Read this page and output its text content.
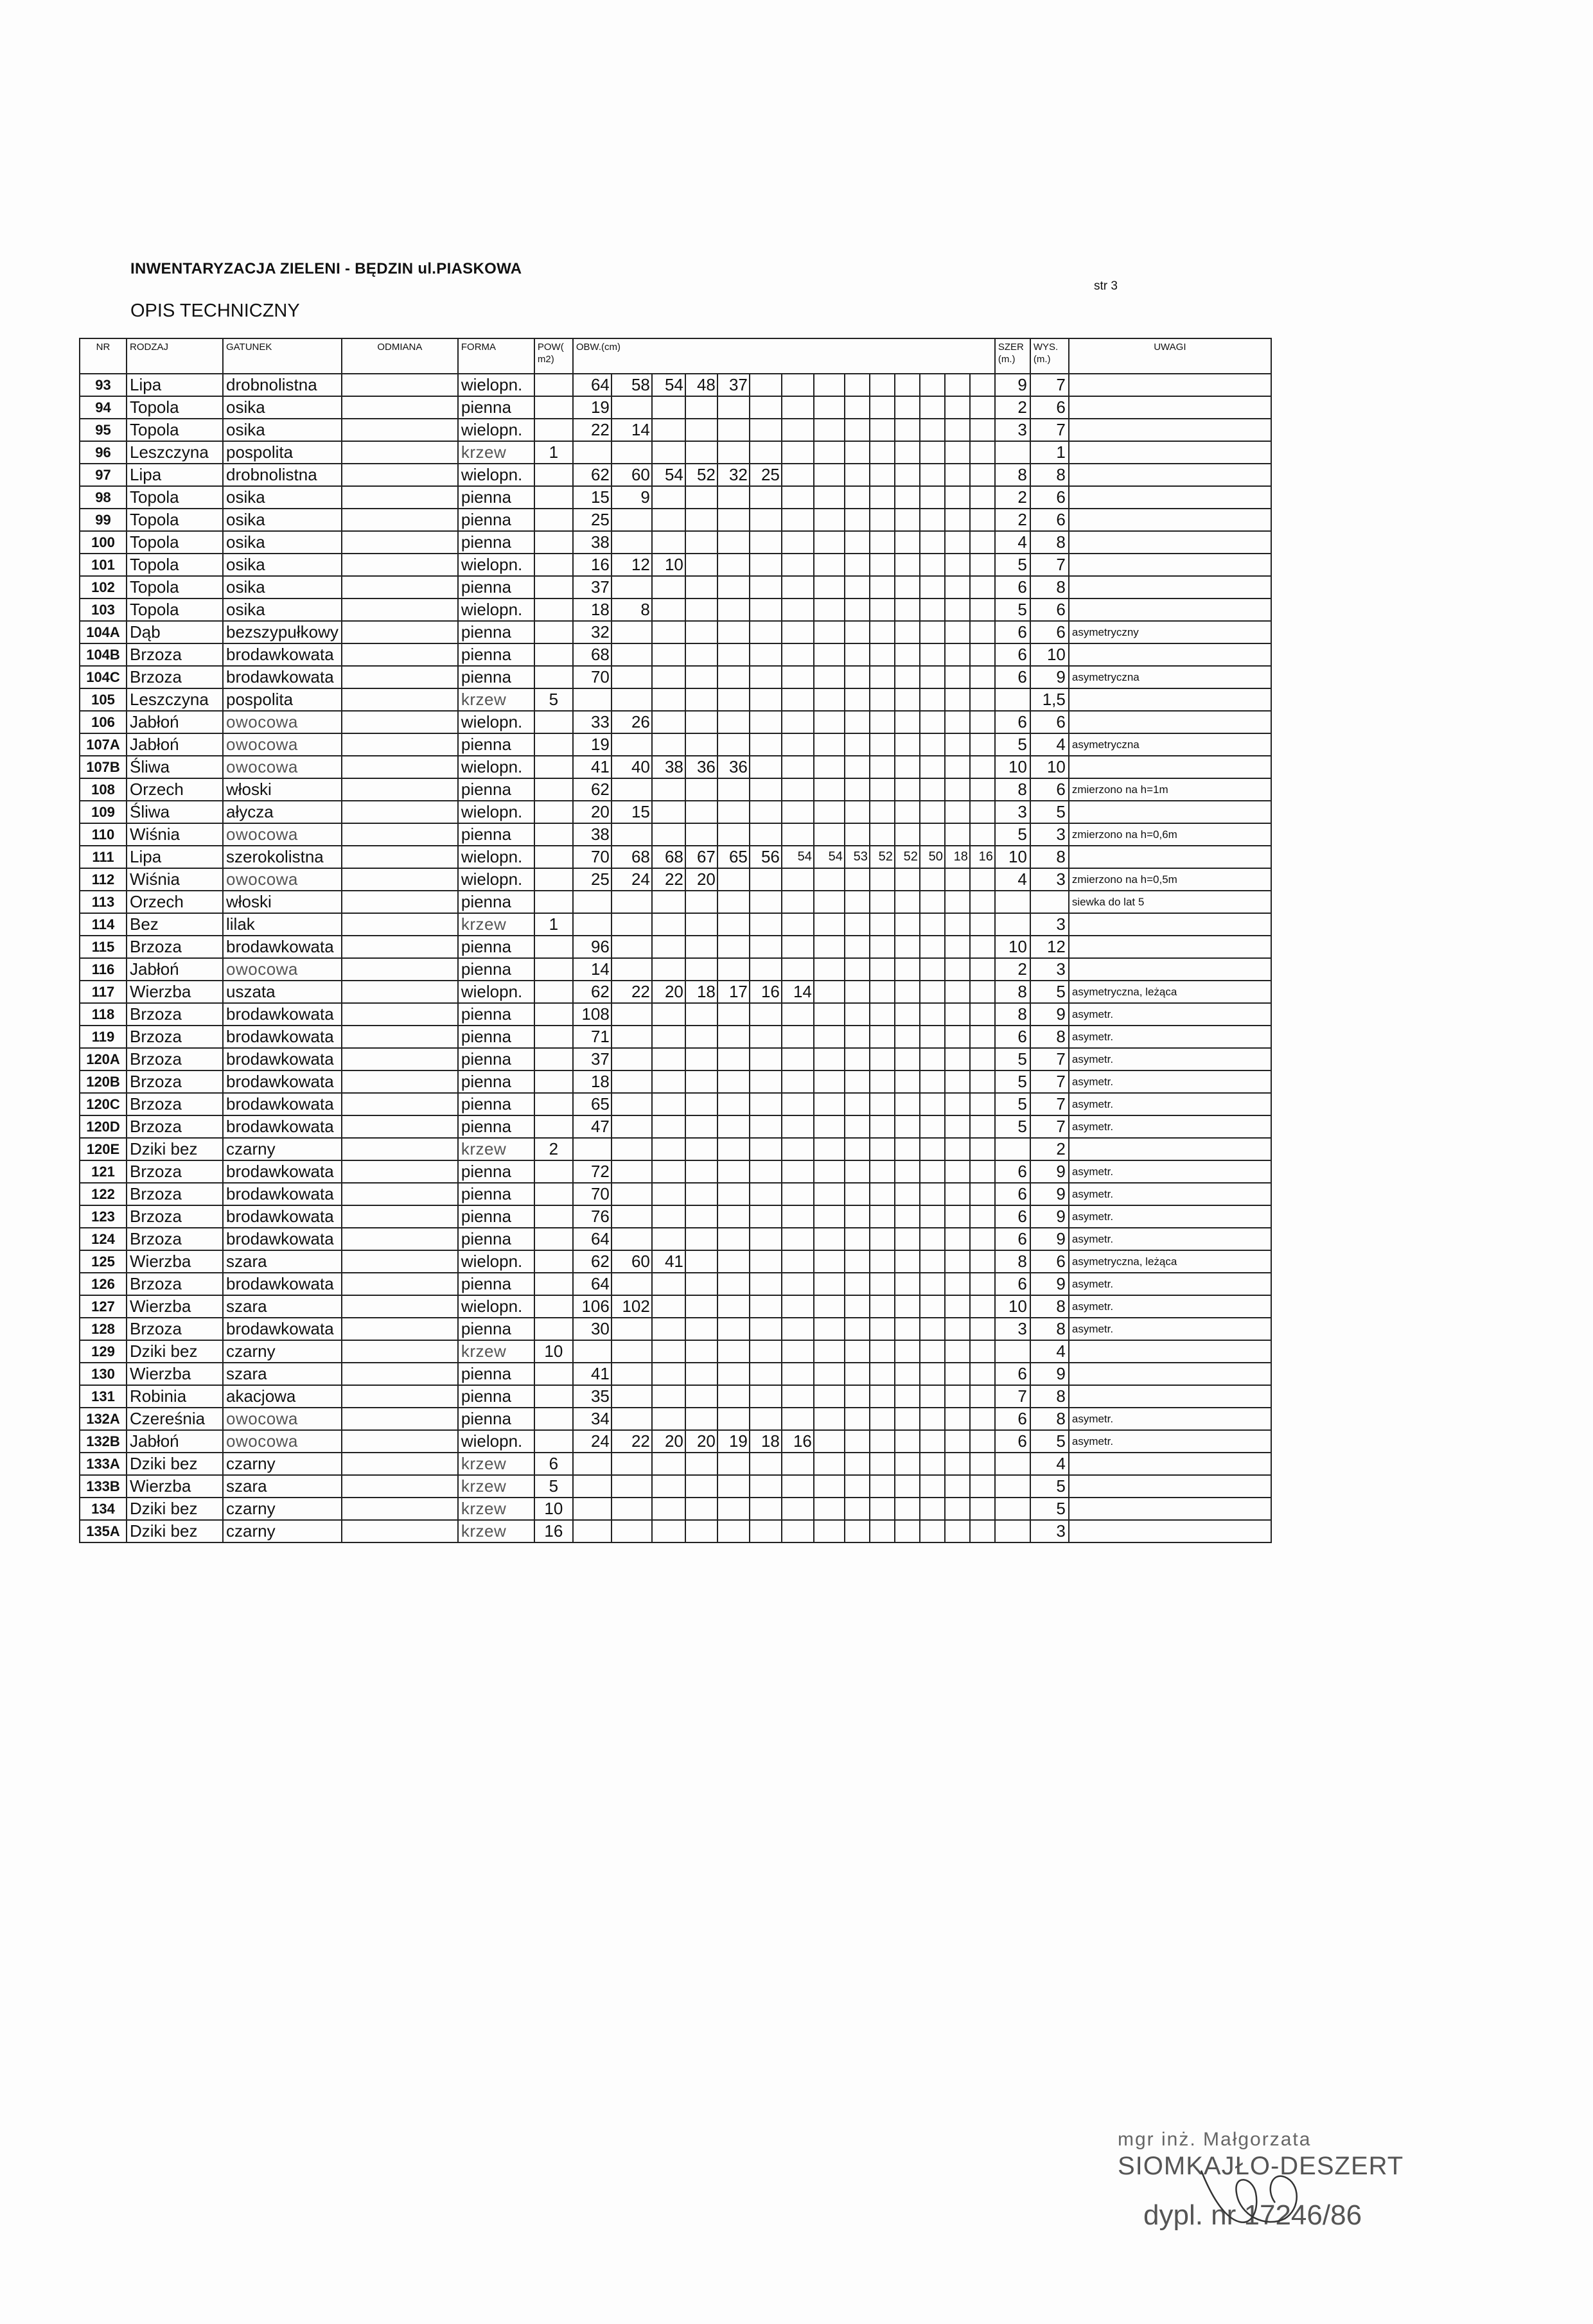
INWENTARYZACJA ZIELENI - BĘDZIN ul.PIASKOWA
str 3
OPIS TECHNICZNY
NR	RODZAJ	GATUNEK	ODMIANA	FORMA	POW( m2)	OBW.(cm)														SZER (m.)	WYS. (m.)	UWAGI
93	Lipa	drobnolistna		wielopn.		64	58	54	48	37										9	7	
94	Topola	osika		pienna		19														2	6	
95	Topola	osika		wielopn.		22	14													3	7	
96	Leszczyna	pospolita		krzew	1																1	
97	Lipa	drobnolistna		wielopn.		62	60	54	52	32	25									8	8	
98	Topola	osika		pienna		15	9													2	6	
99	Topola	osika		pienna		25														2	6	
100	Topola	osika		pienna		38														4	8	
101	Topola	osika		wielopn.		16	12	10												5	7	
102	Topola	osika		pienna		37														6	8	
103	Topola	osika		wielopn.		18	8													5	6	
104A	Dąb	bezszypułkowy		pienna		32														6	6	asymetryczny
104B	Brzoza	brodawkowata		pienna		68														6	10	
104C	Brzoza	brodawkowata		pienna		70														6	9	asymetryczna
105	Leszczyna	pospolita		krzew	5																1,5	
106	Jabłoń	owocowa		wielopn.		33	26													6	6	
107A	Jabłoń	owocowa		pienna		19														5	4	asymetryczna
107B	Śliwa	owocowa		wielopn.		41	40	38	36	36										10	10	
108	Orzech	włoski		pienna		62														8	6	zmierzono na h=1m
109	Śliwa	ałycza		wielopn.		20	15													3	5	
110	Wiśnia	owocowa		pienna		38														5	3	zmierzono na h=0,6m
111	Lipa	szerokolistna		wielopn.		70	68	68	67	65	56	54	54	53	52	52	50	18	16	10	8	
112	Wiśnia	owocowa		wielopn.		25	24	22	20											4	3	zmierzono na h=0,5m
113	Orzech	włoski		pienna																		siewka do lat 5
114	Bez	lilak		krzew	1																3	
115	Brzoza	brodawkowata		pienna		96														10	12	
116	Jabłoń	owocowa		pienna		14														2	3	
117	Wierzba	uszata		wielopn.		62	22	20	18	17	16	14								8	5	asymetryczna, leżąca
118	Brzoza	brodawkowata		pienna		108														8	9	asymetr.
119	Brzoza	brodawkowata		pienna		71														6	8	asymetr.
120A	Brzoza	brodawkowata		pienna		37														5	7	asymetr.
120B	Brzoza	brodawkowata		pienna		18														5	7	asymetr.
120C	Brzoza	brodawkowata		pienna		65														5	7	asymetr.
120D	Brzoza	brodawkowata		pienna		47														5	7	asymetr.
120E	Dziki bez	czarny		krzew	2																2	
121	Brzoza	brodawkowata		pienna		72														6	9	asymetr.
122	Brzoza	brodawkowata		pienna		70														6	9	asymetr.
123	Brzoza	brodawkowata		pienna		76														6	9	asymetr.
124	Brzoza	brodawkowata		pienna		64														6	9	asymetr.
125	Wierzba	szara		wielopn.		62	60	41												8	6	asymetryczna, leżąca
126	Brzoza	brodawkowata		pienna		64														6	9	asymetr.
127	Wierzba	szara		wielopn.		106	102													10	8	asymetr.
128	Brzoza	brodawkowata		pienna		30														3	8	asymetr.
129	Dziki bez	czarny		krzew	10																4	
130	Wierzba	szara		pienna		41														6	9	
131	Robinia	akacjowa		pienna		35														7	8	
132A	Czereśnia	owocowa		pienna		34														6	8	asymetr.
132B	Jabłoń	owocowa		wielopn.		24	22	20	20	19	18	16								6	5	asymetr.
133A	Dziki bez	czarny		krzew	6																4	
133B	Wierzba	szara		krzew	5																5	
134	Dziki bez	czarny		krzew	10																5	
135A	Dziki bez	czarny		krzew	16																3	
mgr inż. Małgorzata
SIOMKAJŁO-DESZERT
dypl. nr 17246/86
